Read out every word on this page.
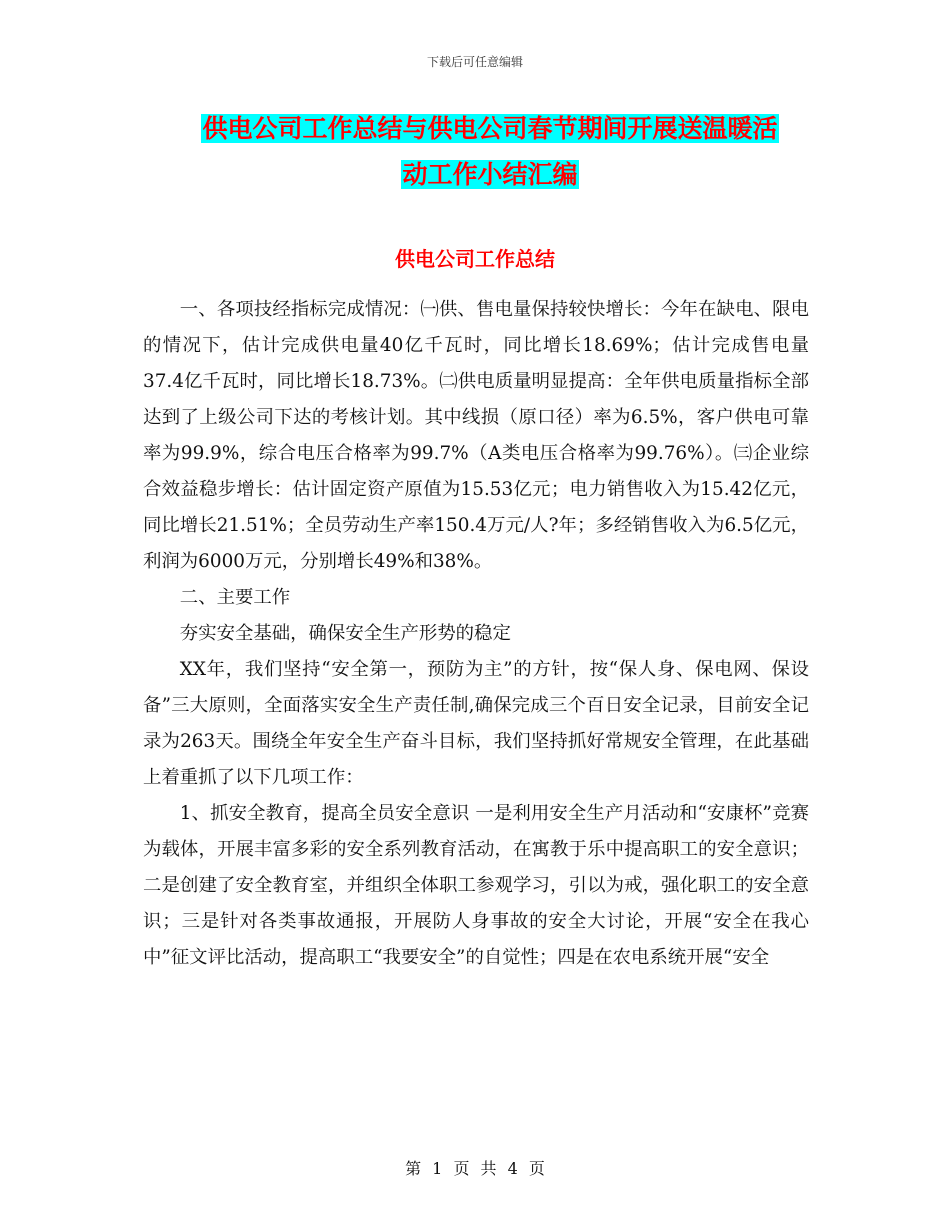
下载后可任意编辑
供电公司工作总结与供电公司春节期间开展送温暖活
动工作小结汇编
供电公司工作总结

一、各项技经指标完成情况：㈠供、售电量保持较快增长：今年在缺电、限电的情况下，估计完成供电量40亿千瓦时，同比增长18.69%；估计完成售电量37.4亿千瓦时，同比增长18.73%。㈡供电质量明显提高：全年供电质量指标全部达到了上级公司下达的考核计划。其中线损（原口径）率为6.5%，客户供电可靠率为99.9%，综合电压合格率为99.7%（A类电压合格率为99.76%）。㈢企业综合效益稳步增长：估计固定资产原值为15.53亿元；电力销售收入为15.42亿元，同比增长21.51%；全员劳动生产率150.4万元/人?年；多经销售收入为6.5亿元，利润为6000万元，分别增长49%和38%。

二、主要工作

夯实安全基础，确保安全生产形势的稳定

XX年，我们坚持“安全第一，预防为主”的方针，按“保人身、保电网、保设备”三大原则，全面落实安全生产责任制,确保完成三个百日安全记录，目前安全记录为263天。围绕全年安全生产奋斗目标，我们坚持抓好常规安全管理，在此基础上着重抓了以下几项工作：

1、抓安全教育，提高全员安全意识 一是利用安全生产月活动和“安康杯”竞赛为载体，开展丰富多彩的安全系列教育活动，在寓教于乐中提高职工的安全意识；二是创建了安全教育室，并组织全体职工参观学习，引以为戒，强化职工的安全意识；三是针对各类事故通报，开展防人身事故的安全大讨论，开展“安全在我心中”征文评比活动，提高职工“我要安全”的自觉性；四是在农电系统开展“安全

第 1 页 共 4 页
